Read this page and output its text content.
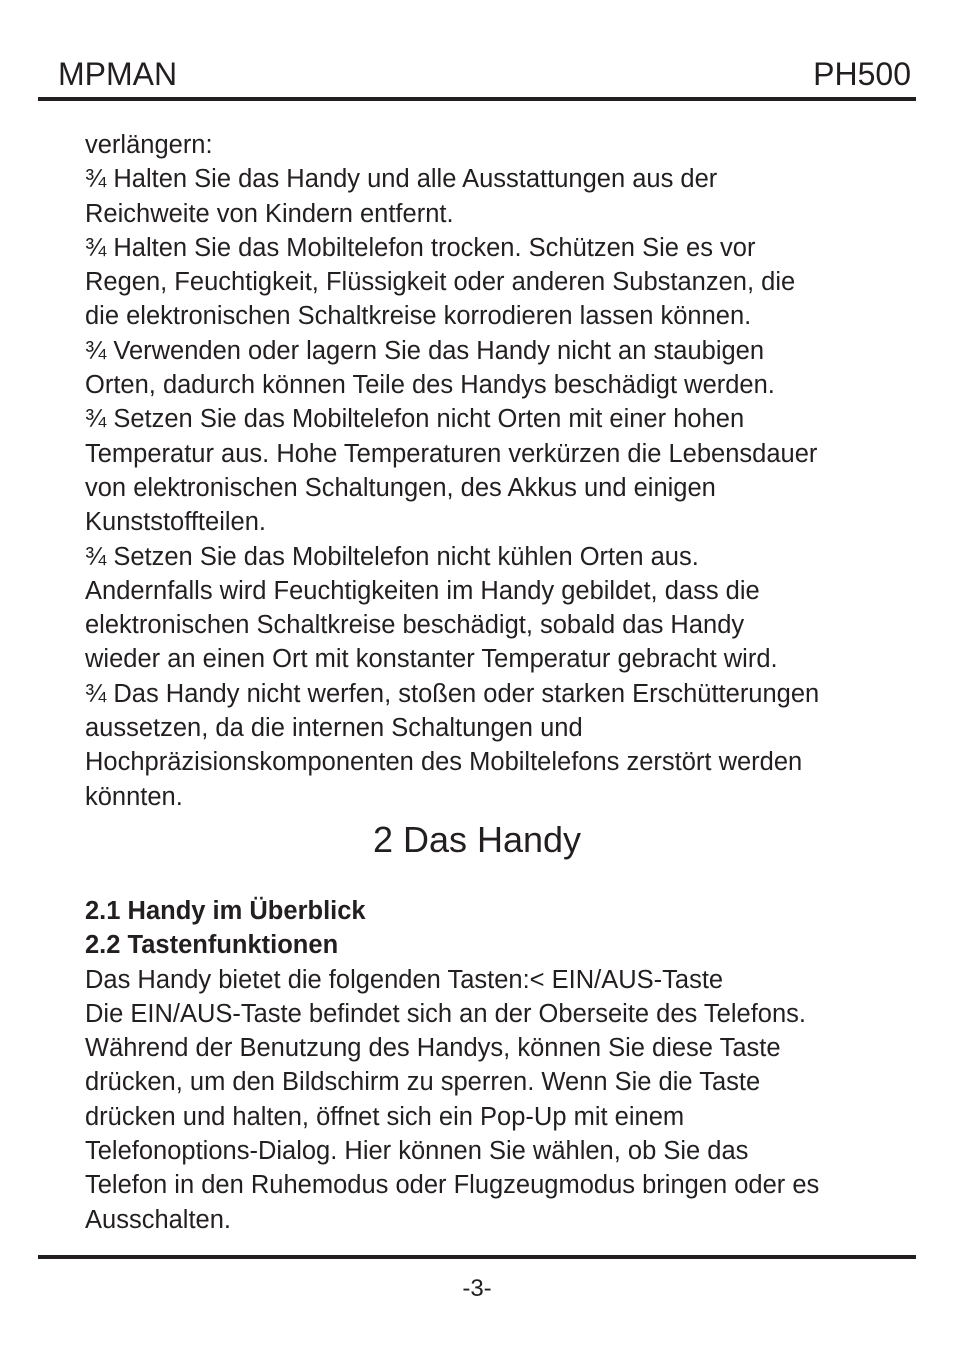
MPMAN	PH500
verlängern:
¾ Halten Sie das Handy und alle Ausstattungen aus der
Reichweite von Kindern entfernt.
¾ Halten Sie das Mobiltelefon trocken. Schützen Sie es vor
Regen, Feuchtigkeit, Flüssigkeit oder anderen Substanzen, die
die elektronischen Schaltkreise korrodieren lassen können.
¾ Verwenden oder lagern Sie das Handy nicht an staubigen
Orten, dadurch können Teile des Handys beschädigt werden.
¾ Setzen Sie das Mobiltelefon nicht Orten mit einer hohen
Temperatur aus. Hohe Temperaturen verkürzen die Lebensdauer
von elektronischen Schaltungen, des Akkus und einigen
Kunststoffteilen.
¾ Setzen Sie das Mobiltelefon nicht kühlen Orten aus.
Andernfalls wird Feuchtigkeiten im Handy gebildet, dass die
elektronischen Schaltkreise beschädigt, sobald das Handy
wieder an einen Ort mit konstanter Temperatur gebracht wird.
¾ Das Handy nicht werfen, stoßen oder starken Erschütterungen
aussetzen, da die internen Schaltungen und
Hochpräzisionskomponenten des Mobiltelefons zerstört werden
könnten.
2 Das Handy
2.1 Handy im Überblick
2.2 Tastenfunktionen
Das Handy bietet die folgenden Tasten:< EIN/AUS-Taste
Die EIN/AUS-Taste befindet sich an der Oberseite des Telefons.
Während der Benutzung des Handys, können Sie diese Taste
drücken, um den Bildschirm zu sperren. Wenn Sie die Taste
drücken und halten, öffnet sich ein Pop-Up mit einem
Telefonoptions-Dialog. Hier können Sie wählen, ob Sie das
Telefon in den Ruhemodus oder Flugzeugmodus bringen oder es
Ausschalten.
-3-
